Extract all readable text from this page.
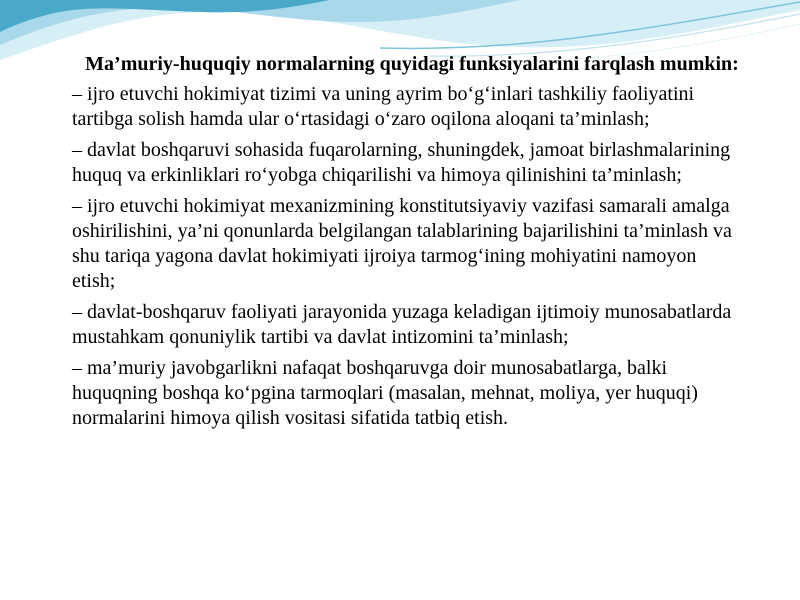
Ma’muriy-huquqiy normalarning quyidagi funksiyalarini farqlash mumkin:
– ijro etuvchi hokimiyat tizimi va uning ayrim bo‘g‘inlari tashkiliy faoliyatini tartibga solish hamda ular o‘rtasidagi o‘zaro oqilona aloqani ta’minlash;
– davlat boshqaruvi sohasida fuqarolarning, shuningdek, jamoat birlashmalarining huquq va erkinliklari ro‘yobga chiqarilishi va himoya qilinishini ta’minlash;
– ijro etuvchi hokimiyat mexanizmining konstitutsiyaviy vazifasi samarali amalga oshirilishini, ya’ni qonunlarda belgilangan talablarining bajarilishini ta’minlash va shu tariqa yagona davlat hokimiyati ijroiya tarmog‘ining mohiyatini namoyon etish;
– davlat-boshqaruv faoliyati jarayonida yuzaga keladigan ijtimoiy munosabatlarda mustahkam qonuniylik tartibi va davlat intizomini ta’minlash;
– ma’muriy javobgarlikni nafaqat boshqaruvga doir munosabatlarga, balki huquqning boshqa ko‘pgina tarmoqlari (masalan, mehnat, moliya, yer huquqi) normalarini himoya qilish vositasi sifatida tatbiq etish.
